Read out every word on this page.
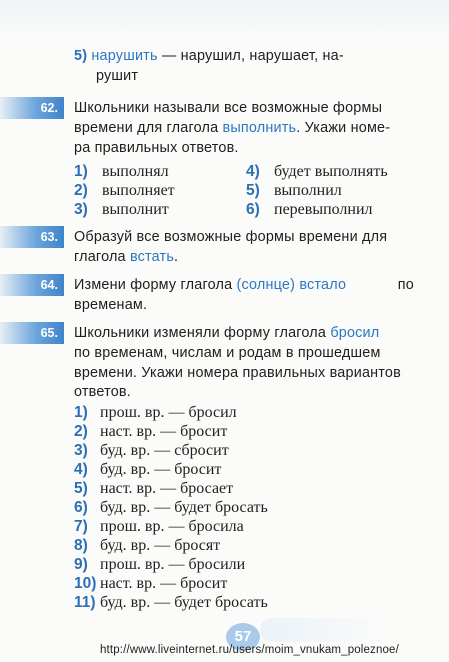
5) нарушить — нарушил, нарушает, на-
рушит
62.	Школьники называли все возможные формы
времени для глагола выполнить. Укажи номе-
ра правильных ответов.
1) выполнял
2) выполняет
3) выполнит
4) будет выполнять
5) выполнил
6) перевыполнил
63.	Образуй все возможные формы времени для
глагола встать.
64.	Измени форму глагола (солнце) встало	по
временам.
65.	Школьники изменяли форму глагола бросил
по временам, числам и родам в прошедшем
времени. Укажи номера правильных вариантов
ответов.
1) прош. вр. — бросил
2) наст. вр. — бросит
3) буд. вр. — сбросит
4) буд. вр. — бросит
5) наст. вр. — бросает
6) буд. вр. — будет бросать
7) прош. вр. — бросила
8) буд. вр. — бросят
9) прош. вр. — бросили
10) наст. вр. — бросит
11) буд. вр. — будет бросать
57
http://www.liveinternet.ru/users/moim_vnukam_poleznoe/
